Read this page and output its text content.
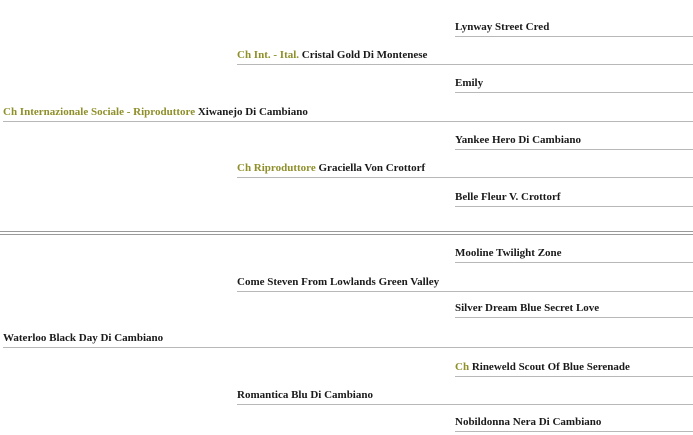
Lynway Street Cred
Ch Int. - Ital. Cristal Gold Di Montenese
Emily
Ch Internazionale Sociale - Riproduttore Xiwanejo Di Cambiano
Yankee Hero Di Cambiano
Ch Riproduttore Graciella Von Crottorf
Belle Fleur V. Crottorf
Mooline Twilight Zone
Come Steven From Lowlands Green Valley
Silver Dream Blue Secret Love
Waterloo Black Day Di Cambiano
Ch Rineweld Scout Of Blue Serenade
Romantica Blu Di Cambiano
Nobildonna Nera Di Cambiano
